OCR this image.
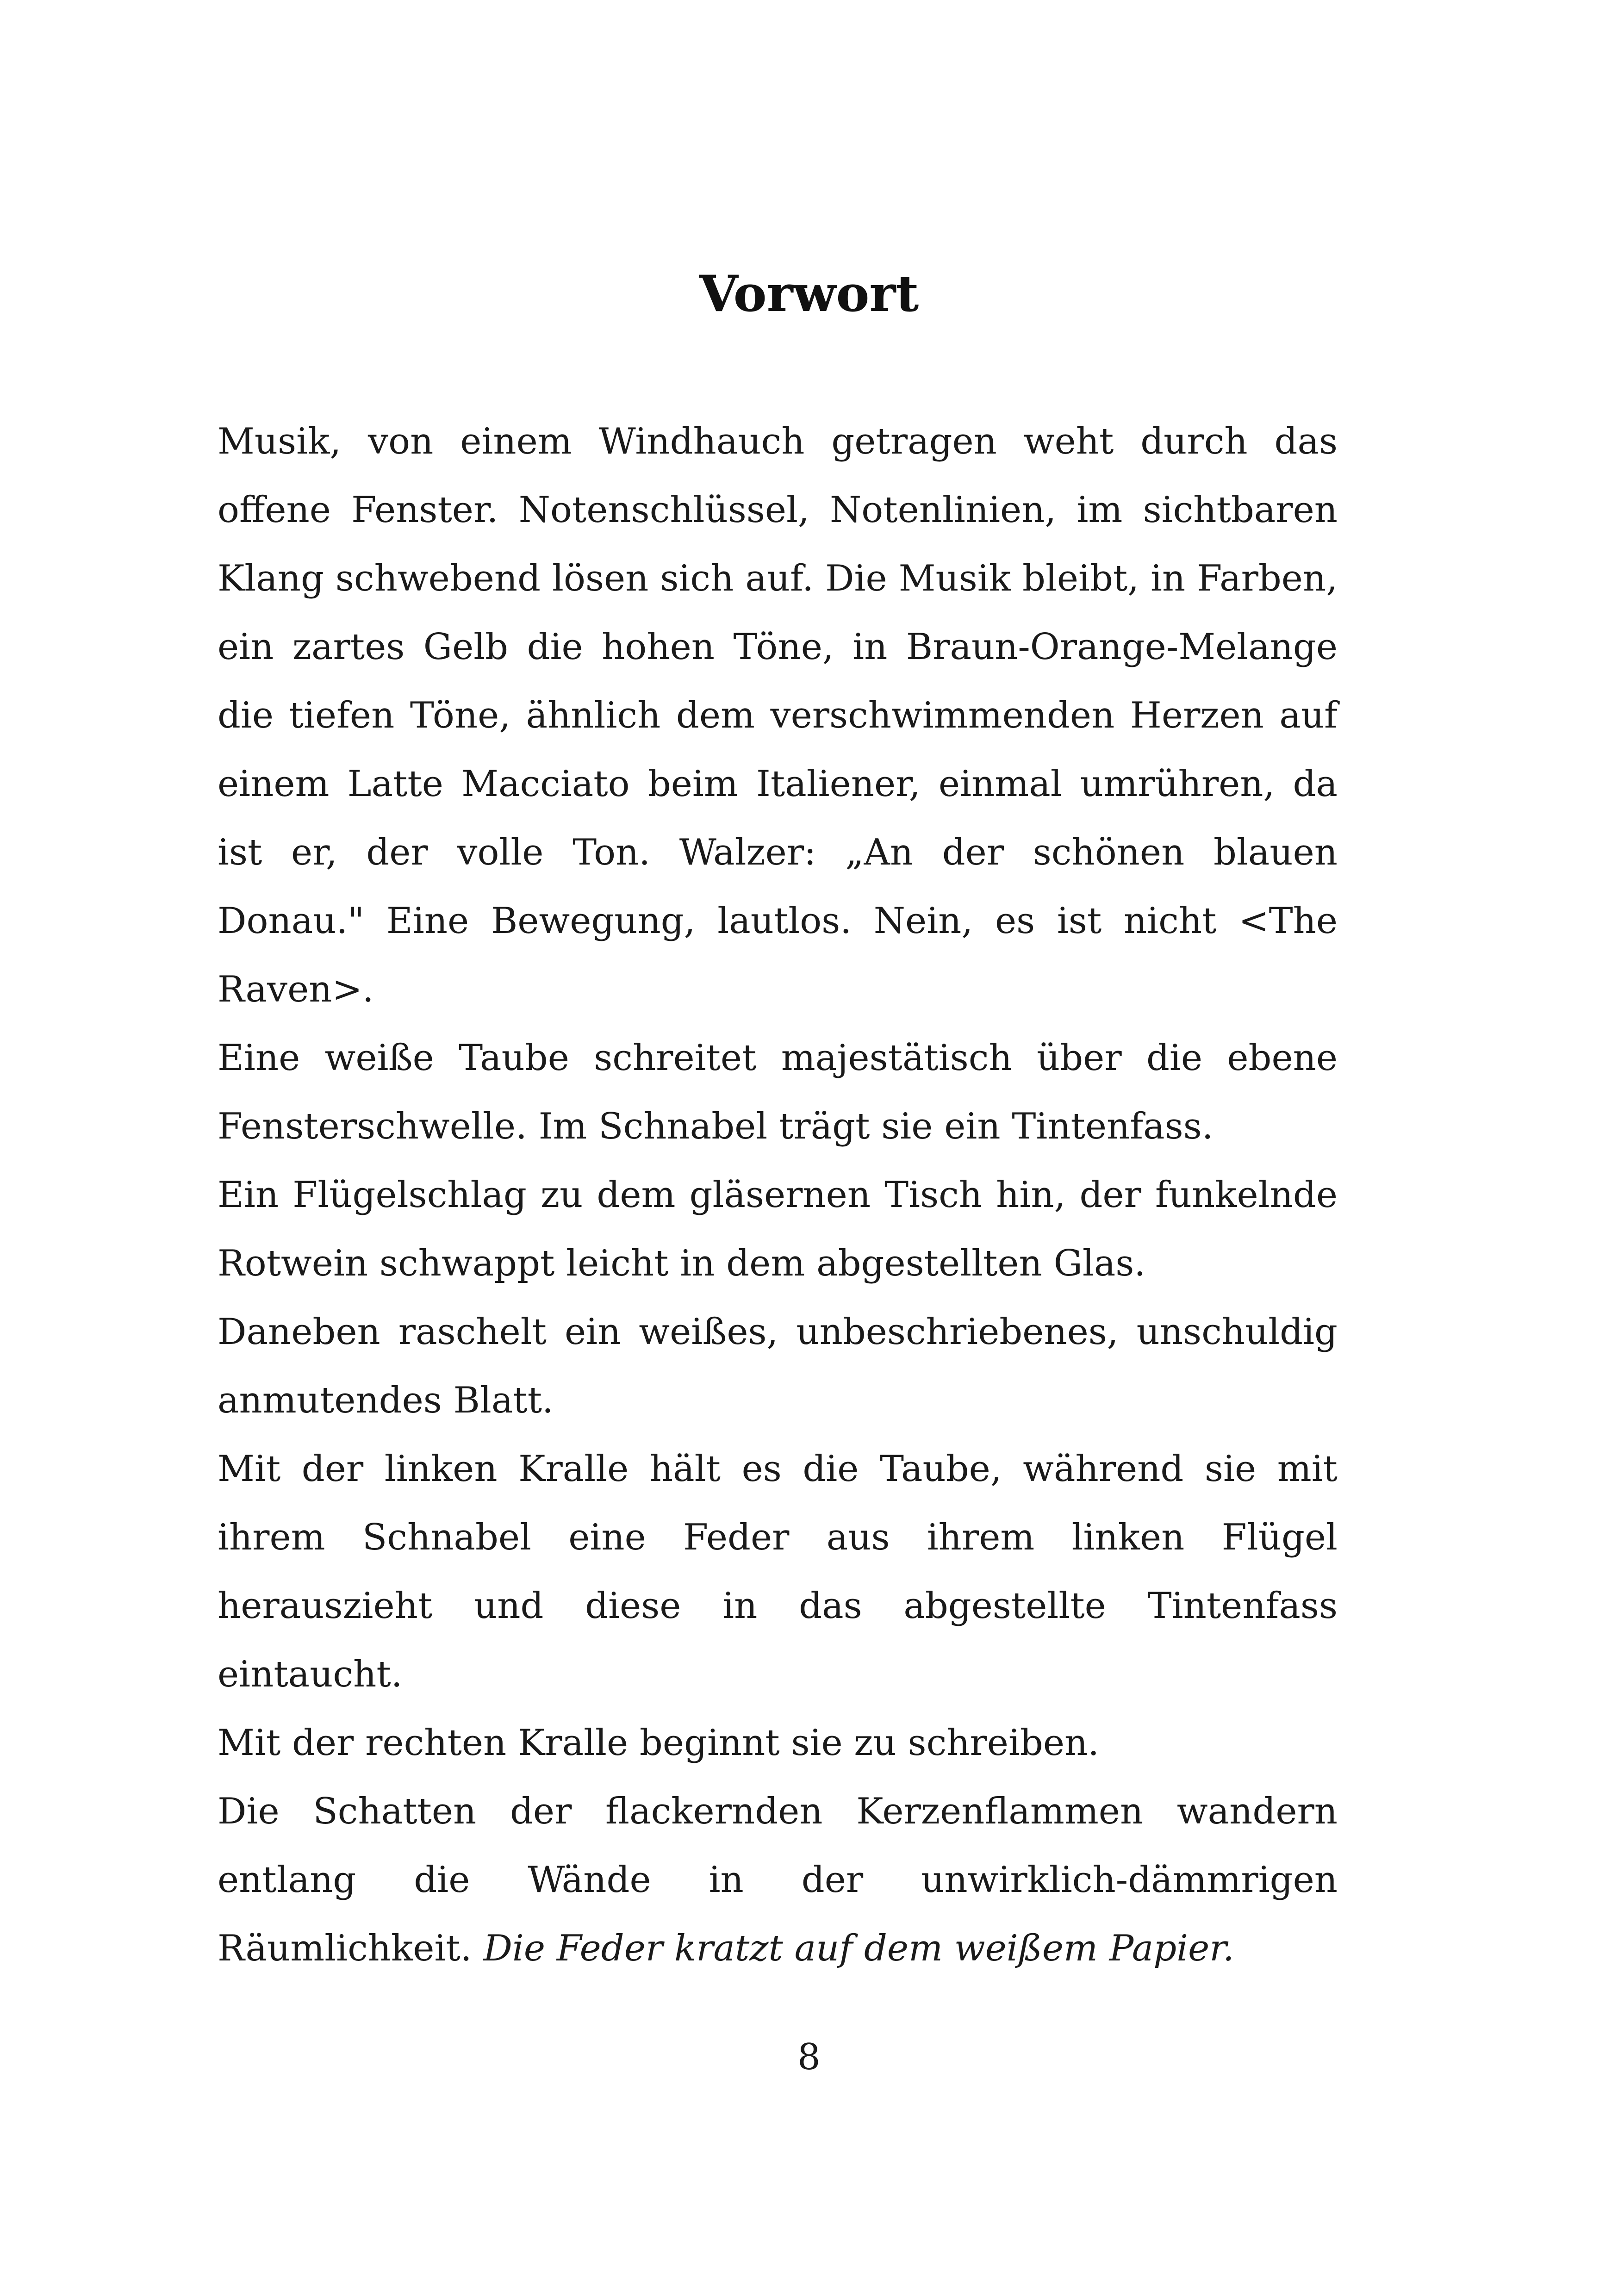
Vorwort

Musik, von einem Windhauch getragen weht durch das offene Fenster. Notenschlüssel, Notenlinien, im sichtbaren Klang schwebend lösen sich auf. Die Musik bleibt, in Farben, ein zartes Gelb die hohen Töne, in Braun-Orange-Melange die tiefen Töne, ähnlich dem verschwimmenden Herzen auf einem Latte Macciato beim Italiener, einmal umrühren, da ist er, der volle Ton. Walzer: „An der schönen blauen Donau." Eine Bewegung, lautlos. Nein, es ist nicht <The Raven>.

Eine weiße Taube schreitet majestätisch über die ebene Fensterschwelle. Im Schnabel trägt sie ein Tintenfass.

Ein Flügelschlag zu dem gläsernen Tisch hin, der funkelnde Rotwein schwappt leicht in dem abgestellten Glas.

Daneben raschelt ein weißes, unbeschriebenes, unschuldig anmutendes Blatt.

Mit der linken Kralle hält es die Taube, während sie mit ihrem Schnabel eine Feder aus ihrem linken Flügel herauszieht und diese in das abgestellte Tintenfass eintaucht.

Mit der rechten Kralle beginnt sie zu schreiben.

Die Schatten der flackernden Kerzenflammen wandern entlang die Wände in der unwirklich-dämmrigen Räumlichkeit. Die Feder kratzt auf dem weißem Papier.

8
